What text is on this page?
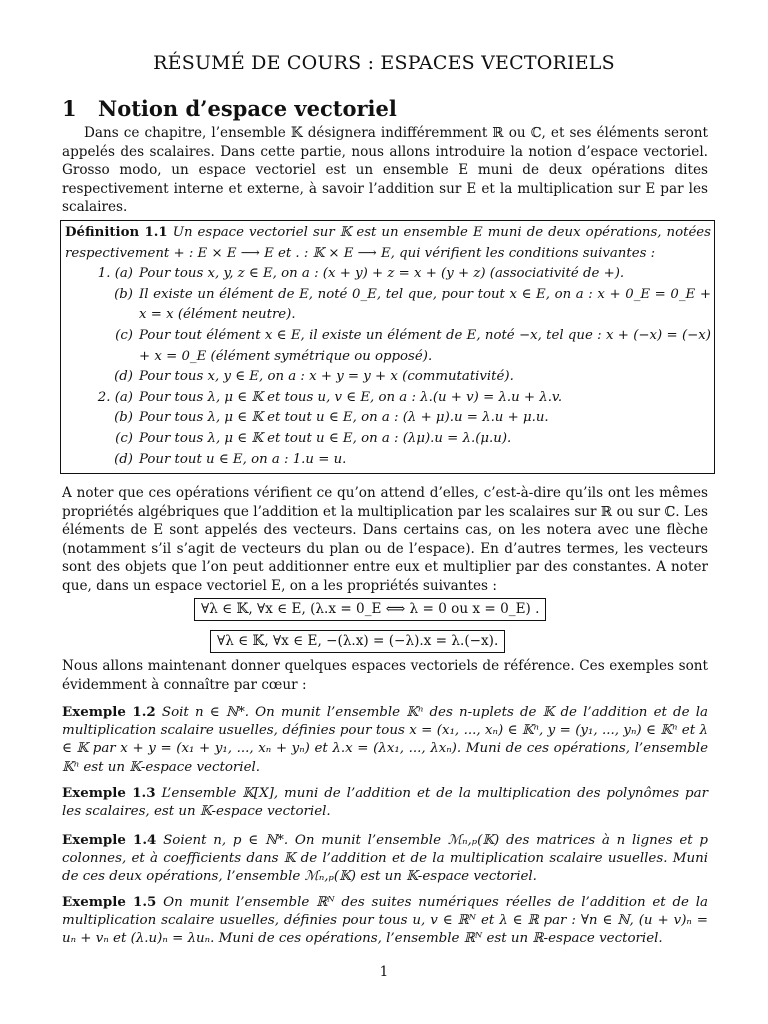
RÉSUMÉ DE COURS : ESPACES VECTORIELS
1 Notion d’espace vectoriel

Dans ce chapitre, l’ensemble 𝕂 désignera indifféremment ℝ ou ℂ, et ses éléments seront appelés des scalaires. Dans cette partie, nous allons introduire la notion d’espace vectoriel. Grosso modo, un espace vectoriel est un ensemble E muni de deux opérations dites respectivement interne et externe, à savoir l’addition sur E et la multiplication sur E par les scalaires.

Définition 1.1 Un espace vectoriel sur 𝕂 est un ensemble E muni de deux opérations, notées respectivement + : E × E ⟶ E et . : 𝕂 × E ⟶ E, qui vérifient les conditions suivantes :
1. (a) Pour tous x, y, z ∈ E, on a : (x + y) + z = x + (y + z) (associativité de +).
(b) Il existe un élément de E, noté 0_E, tel que, pour tout x ∈ E, on a : x + 0_E = 0_E + x = x (élément neutre).
(c) Pour tout élément x ∈ E, il existe un élément de E, noté −x, tel que : x + (−x) = (−x) + x = 0_E (élément symétrique ou opposé).
(d) Pour tous x, y ∈ E, on a : x + y = y + x (commutativité).
2. (a) Pour tous λ, μ ∈ 𝕂 et tous u, v ∈ E, on a : λ.(u + v) = λ.u + λ.v.
(b) Pour tous λ, μ ∈ 𝕂 et tout u ∈ E, on a : (λ + μ).u = λ.u + μ.u.
(c) Pour tous λ, μ ∈ 𝕂 et tout u ∈ E, on a : (λμ).u = λ.(μ.u).
(d) Pour tout u ∈ E, on a : 1.u = u.

A noter que ces opérations vérifient ce qu’on attend d’elles, c’est-à-dire qu’ils ont les mêmes propriétés algébriques que l’addition et la multiplication par les scalaires sur ℝ ou sur ℂ. Les éléments de E sont appelés des vecteurs. Dans certains cas, on les notera avec une flèche (notamment s’il s’agit de vecteurs du plan ou de l’espace). En d’autres termes, les vecteurs sont des objets que l’on peut additionner entre eux et multiplier par des constantes. A noter que, dans un espace vectoriel E, on a les propriétés suivantes :

∀λ ∈ 𝕂, ∀x ∈ E, (λ.x = 0_E ⟺ λ = 0 ou x = 0_E) .
∀λ ∈ 𝕂, ∀x ∈ E, −(λ.x) = (−λ).x = λ.(−x).

Nous allons maintenant donner quelques espaces vectoriels de référence. Ces exemples sont évidemment à connaître par cœur :

Exemple 1.2 Soit n ∈ ℕ*. On munit l’ensemble 𝕂ⁿ des n-uplets de 𝕂 de l’addition et de la multiplication scalaire usuelles, définies pour tous x = (x₁, ..., xₙ) ∈ 𝕂ⁿ, y = (y₁, ..., yₙ) ∈ 𝕂ⁿ et λ ∈ 𝕂 par x + y = (x₁ + y₁, ..., xₙ + yₙ) et λ.x = (λx₁, ..., λxₙ). Muni de ces opérations, l’ensemble 𝕂ⁿ est un 𝕂-espace vectoriel.
Exemple 1.3 L’ensemble 𝕂[X], muni de l’addition et de la multiplication des polynômes par les scalaires, est un 𝕂-espace vectoriel.
Exemple 1.4 Soient n, p ∈ ℕ*. On munit l’ensemble ℳₙ,ₚ(𝕂) des matrices à n lignes et p colonnes, et à coefficients dans 𝕂 de l’addition et de la multiplication scalaire usuelles. Muni de ces deux opérations, l’ensemble ℳₙ,ₚ(𝕂) est un 𝕂-espace vectoriel.
Exemple 1.5 On munit l’ensemble ℝᴺ des suites numériques réelles de l’addition et de la multiplication scalaire usuelles, définies pour tous u, v ∈ ℝᴺ et λ ∈ ℝ par : ∀n ∈ ℕ, (u + v)ₙ = uₙ + vₙ et (λ.u)ₙ = λuₙ. Muni de ces opérations, l’ensemble ℝᴺ est un ℝ-espace vectoriel.
1
